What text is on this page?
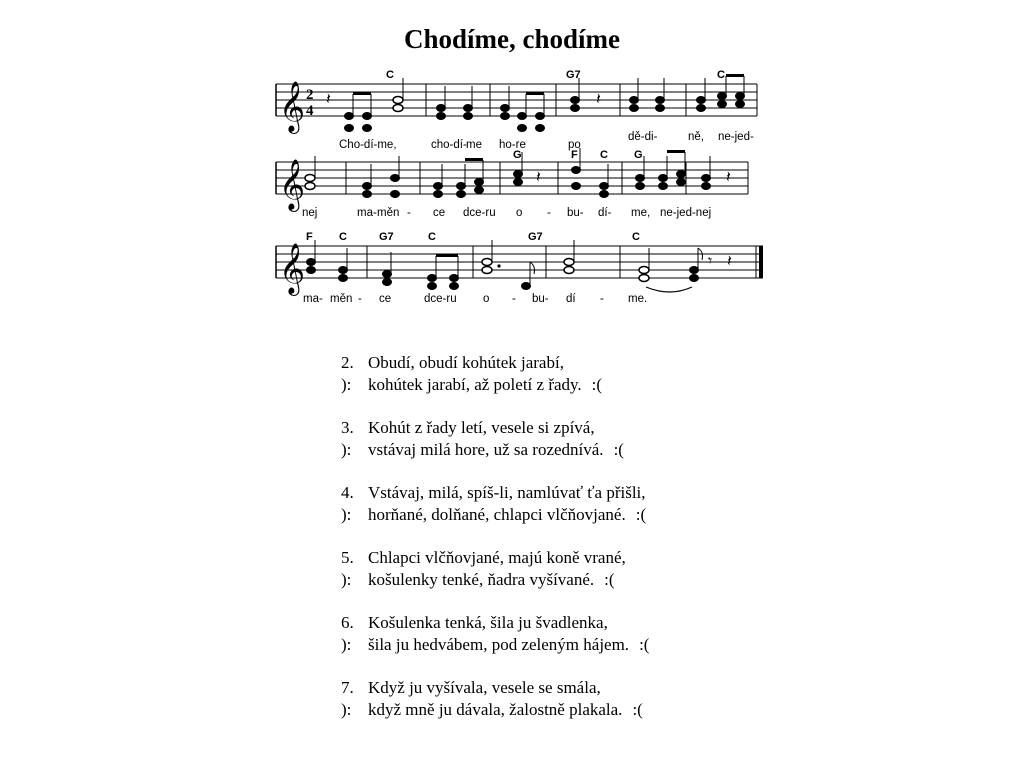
Chodíme, chodíme
𝄞 2
4
𝄽	𝄽
C	G7	C
Cho-dí-me,	cho-dí- me ho-re	po
dě-di-	ně, ne-jed-
𝄞	𝄽	𝄽
G	F C G
nej	ma- měn - ce dce-ru o - bu- dí- me, ne-jed-nej
𝄞	𝄾 𝄽
F C	G7	C	G7	C
ma- měn - ce	dce-ru o - bu- dí - me.
2. Obudí, obudí kohútek jarabí,
): kohútek jarabí, až poletí z řady. :(
3. Kohút z řady letí, vesele si zpívá,
): vstávaj milá hore, už sa rozednívá. :(
4. Vstávaj, milá, spíš-li, namlúvať ťa přišli,
): horňané, dolňané, chlapci vlčňovjané. :(
5. Chlapci vlčňovjané, majú koně vrané,
): košulenky tenké, ňadra vyšívané. :(
6. Košulenka tenká, šila ju švadlenka,
): šila ju hedvábem, pod zeleným hájem. :(
7. Když ju vyšívala, vesele se smála,
): když mně ju dávala, žalostně plakala. :(
